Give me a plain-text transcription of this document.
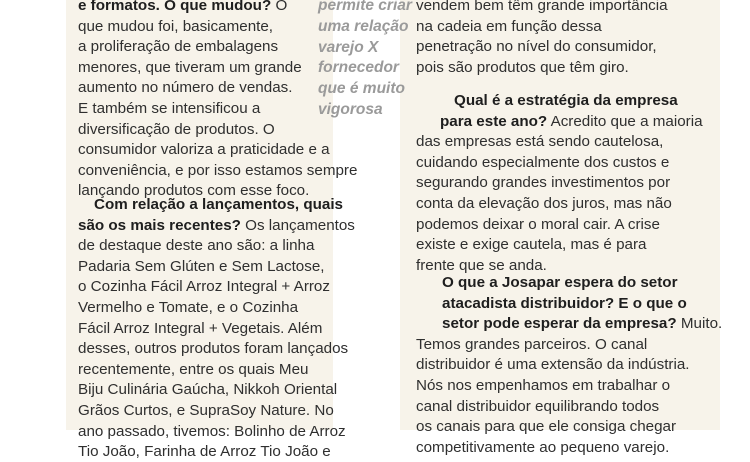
e formatos. O que mudou? O
que mudou foi, basicamente,
a proliferação de embalagens
menores, que tiveram um grande
aumento no número de vendas.
E também se intensificou a
diversificação de produtos. O
consumidor valoriza a praticidade e a
conveniência, e por isso estamos sempre
lançando produtos com esse foco.
Com relação a lançamentos, quais
são os mais recentes? Os lançamentos
de destaque deste ano são: a linha
Padaria Sem Glúten e Sem Lactose,
o Cozinha Fácil Arroz Integral + Arroz
Vermelho e Tomate, e o Cozinha
Fácil Arroz Integral + Vegetais. Além
desses, outros produtos foram lançados
recentemente, entre os quais Meu
Biju Culinária Gaúcha, Nikkoh Oriental
Grãos Curtos, e SupraSoy Nature. No
ano passado, tivemos: Bolinho de Arroz
Tio João, Farinha de Arroz Tio João e
permite criar
uma relação
varejo X
fornecedor
que é muito
vigorosa
vendem bem têm grande importância
na cadeia em função dessa
penetração no nível do consumidor,
pois são produtos que têm giro.
Qual é a estratégia da empresa
para este ano? Acredito que a maioria
das empresas está sendo cautelosa,
cuidando especialmente dos custos e
segurando grandes investimentos por
conta da elevação dos juros, mas não
podemos deixar o moral cair. A crise
existe e exige cautela, mas é para
frente que se anda.
O que a Josapar espera do setor
atacadista distribuidor? E o que o
setor pode esperar da empresa? Muito.
Temos grandes parceiros. O canal
distribuidor é uma extensão da indústria.
Nós nos empenhamos em trabalhar o
canal distribuidor equilibrando todos
os canais para que ele consiga chegar
competitivamente ao pequeno varejo.
